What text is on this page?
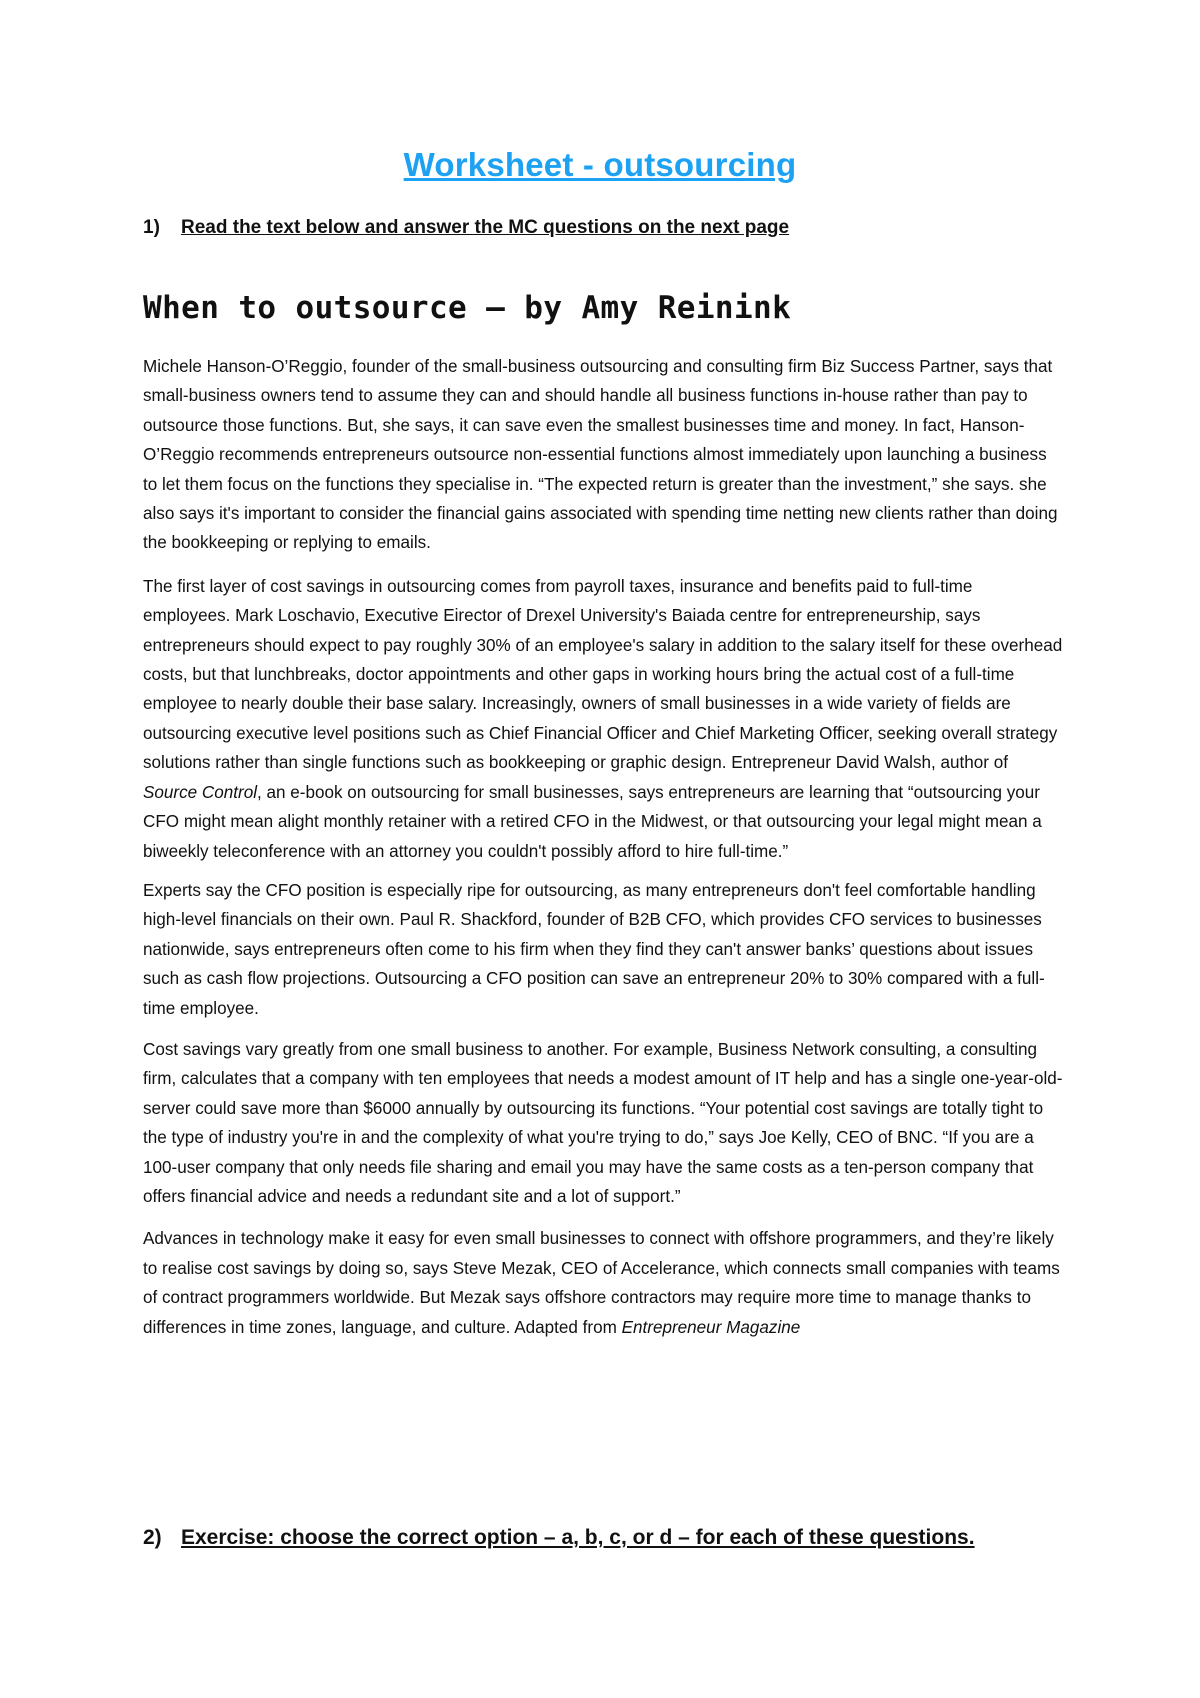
Worksheet - outsourcing
1) Read the text below and answer the MC questions on the next page
When to outsource – by Amy Reinink

Michele Hanson-O’Reggio, founder of the small-business outsourcing and consulting firm Biz Success Partner, says that small-business owners tend to assume they can and should handle all business functions in-house rather than pay to outsource those functions. But, she says, it can save even the smallest businesses time and money. In fact, Hanson-O’Reggio recommends entrepreneurs outsource non-essential functions almost immediately upon launching a business to let them focus on the functions they specialise in. “The expected return is greater than the investment,” she says. she also says it's important to consider the financial gains associated with spending time netting new clients rather than doing the bookkeeping or replying to emails.

The first layer of cost savings in outsourcing comes from payroll taxes, insurance and benefits paid to full-time employees. Mark Loschavio, Executive Eirector of Drexel University's Baiada centre for entrepreneurship, says entrepreneurs should expect to pay roughly 30% of an employee's salary in addition to the salary itself for these overhead costs, but that lunchbreaks, doctor appointments and other gaps in working hours bring the actual cost of a full-time employee to nearly double their base salary. Increasingly, owners of small businesses in a wide variety of fields are outsourcing executive level positions such as Chief Financial Officer and Chief Marketing Officer, seeking overall strategy solutions rather than single functions such as bookkeeping or graphic design. Entrepreneur David Walsh, author of Source Control, an e-book on outsourcing for small businesses, says entrepreneurs are learning that “outsourcing your CFO might mean alight monthly retainer with a retired CFO in the Midwest, or that outsourcing your legal might mean a biweekly teleconference with an attorney you couldn't possibly afford to hire full-time.”

Experts say the CFO position is especially ripe for outsourcing, as many entrepreneurs don't feel comfortable handling high-level financials on their own. Paul R. Shackford, founder of B2B CFO, which provides CFO services to businesses nationwide, says entrepreneurs often come to his firm when they find they can't answer banks’ questions about issues such as cash flow projections. Outsourcing a CFO position can save an entrepreneur 20% to 30% compared with a full-time employee.

Cost savings vary greatly from one small business to another. For example, Business Network consulting, a consulting firm, calculates that a company with ten employees that needs a modest amount of IT help and has a single one-year-old-server could save more than $6000 annually by outsourcing its functions. “Your potential cost savings are totally tight to the type of industry you're in and the complexity of what you're trying to do,” says Joe Kelly, CEO of BNC. “If you are a 100-user company that only needs file sharing and email you may have the same costs as a ten-person company that offers financial advice and needs a redundant site and a lot of support.”

Advances in technology make it easy for even small businesses to connect with offshore programmers, and they’re likely to realise cost savings by doing so, says Steve Mezak, CEO of Accelerance, which connects small companies with teams of contract programmers worldwide. But Mezak says offshore contractors may require more time to manage thanks to differences in time zones, language, and culture. Adapted from Entrepreneur Magazine

2) Exercise: choose the correct option – a, b, c, or d – for each of these questions.
